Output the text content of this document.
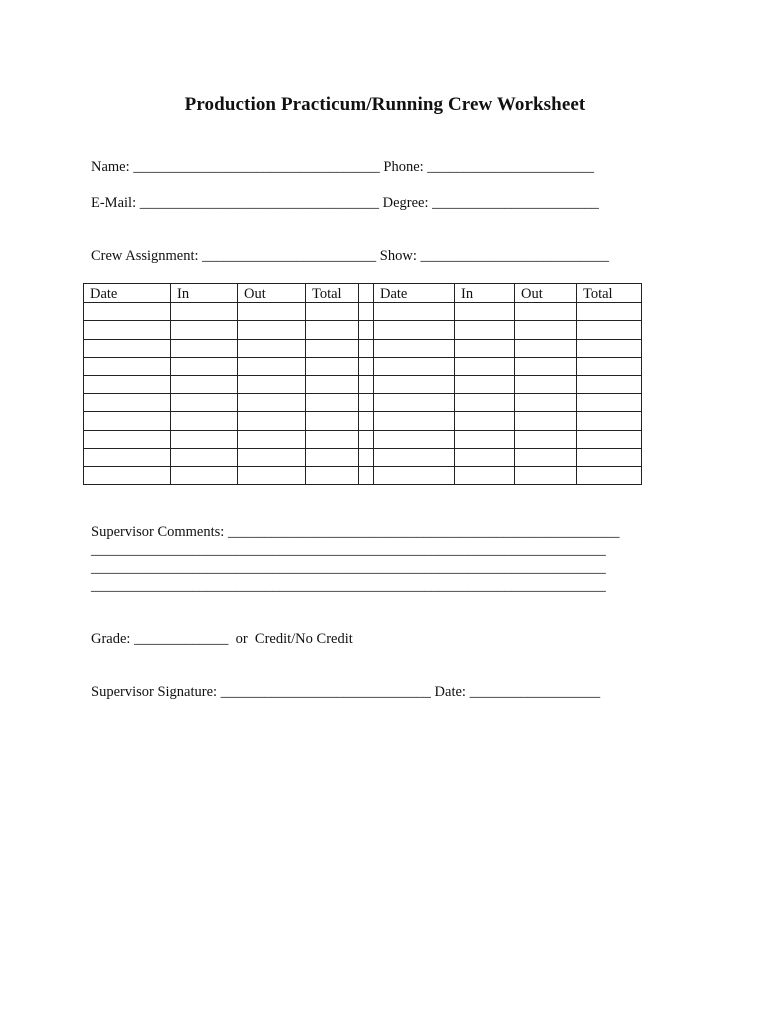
Production Practicum/Running Crew Worksheet
Name: __________________________________ Phone: _______________________
E-Mail: _________________________________ Degree: _______________________
Crew Assignment: ________________________ Show: __________________________
Date	In	Out	Total		Date	In	Out	Total

Supervisor Comments: ______________________________________________________
_______________________________________________________________________
_______________________________________________________________________
_______________________________________________________________________
Grade: _____________  or  Credit/No Credit
Supervisor Signature: _____________________________ Date: __________________
